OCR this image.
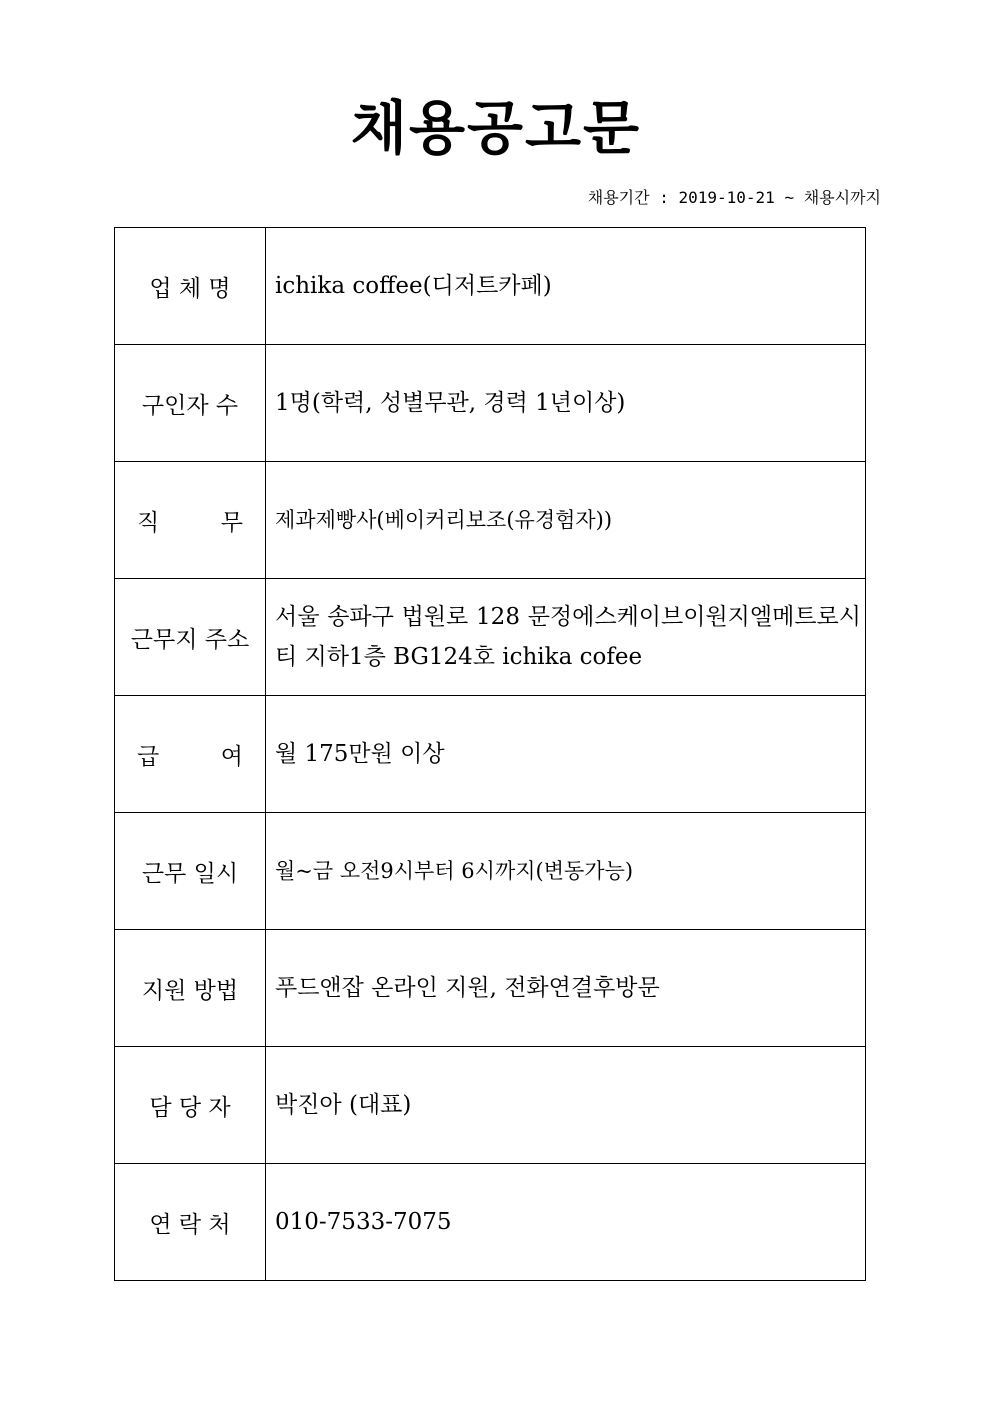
채용공고문
채용기간 : 2019-10-21 ~ 채용시까지
업 체 명	ichika coffee(디저트카페)
구인자 수	1명(학력, 성별무관, 경력 1년이상)

직 무	제과제빵사(베이커리보조(유경험자))
근무지 주소	서울 송파구 법원로 128 문정에스케이브이원지엘메트로시티 지하1층 BG124호 ichika cofee

급 여	월 175만원 이상
근무 일시	월~금 오전9시부터 6시까지(변동가능)
지원 방법	푸드앤잡 온라인 지원, 전화연결후방문
담 당 자	박진아 (대표)
연 락 처	010-7533-7075
